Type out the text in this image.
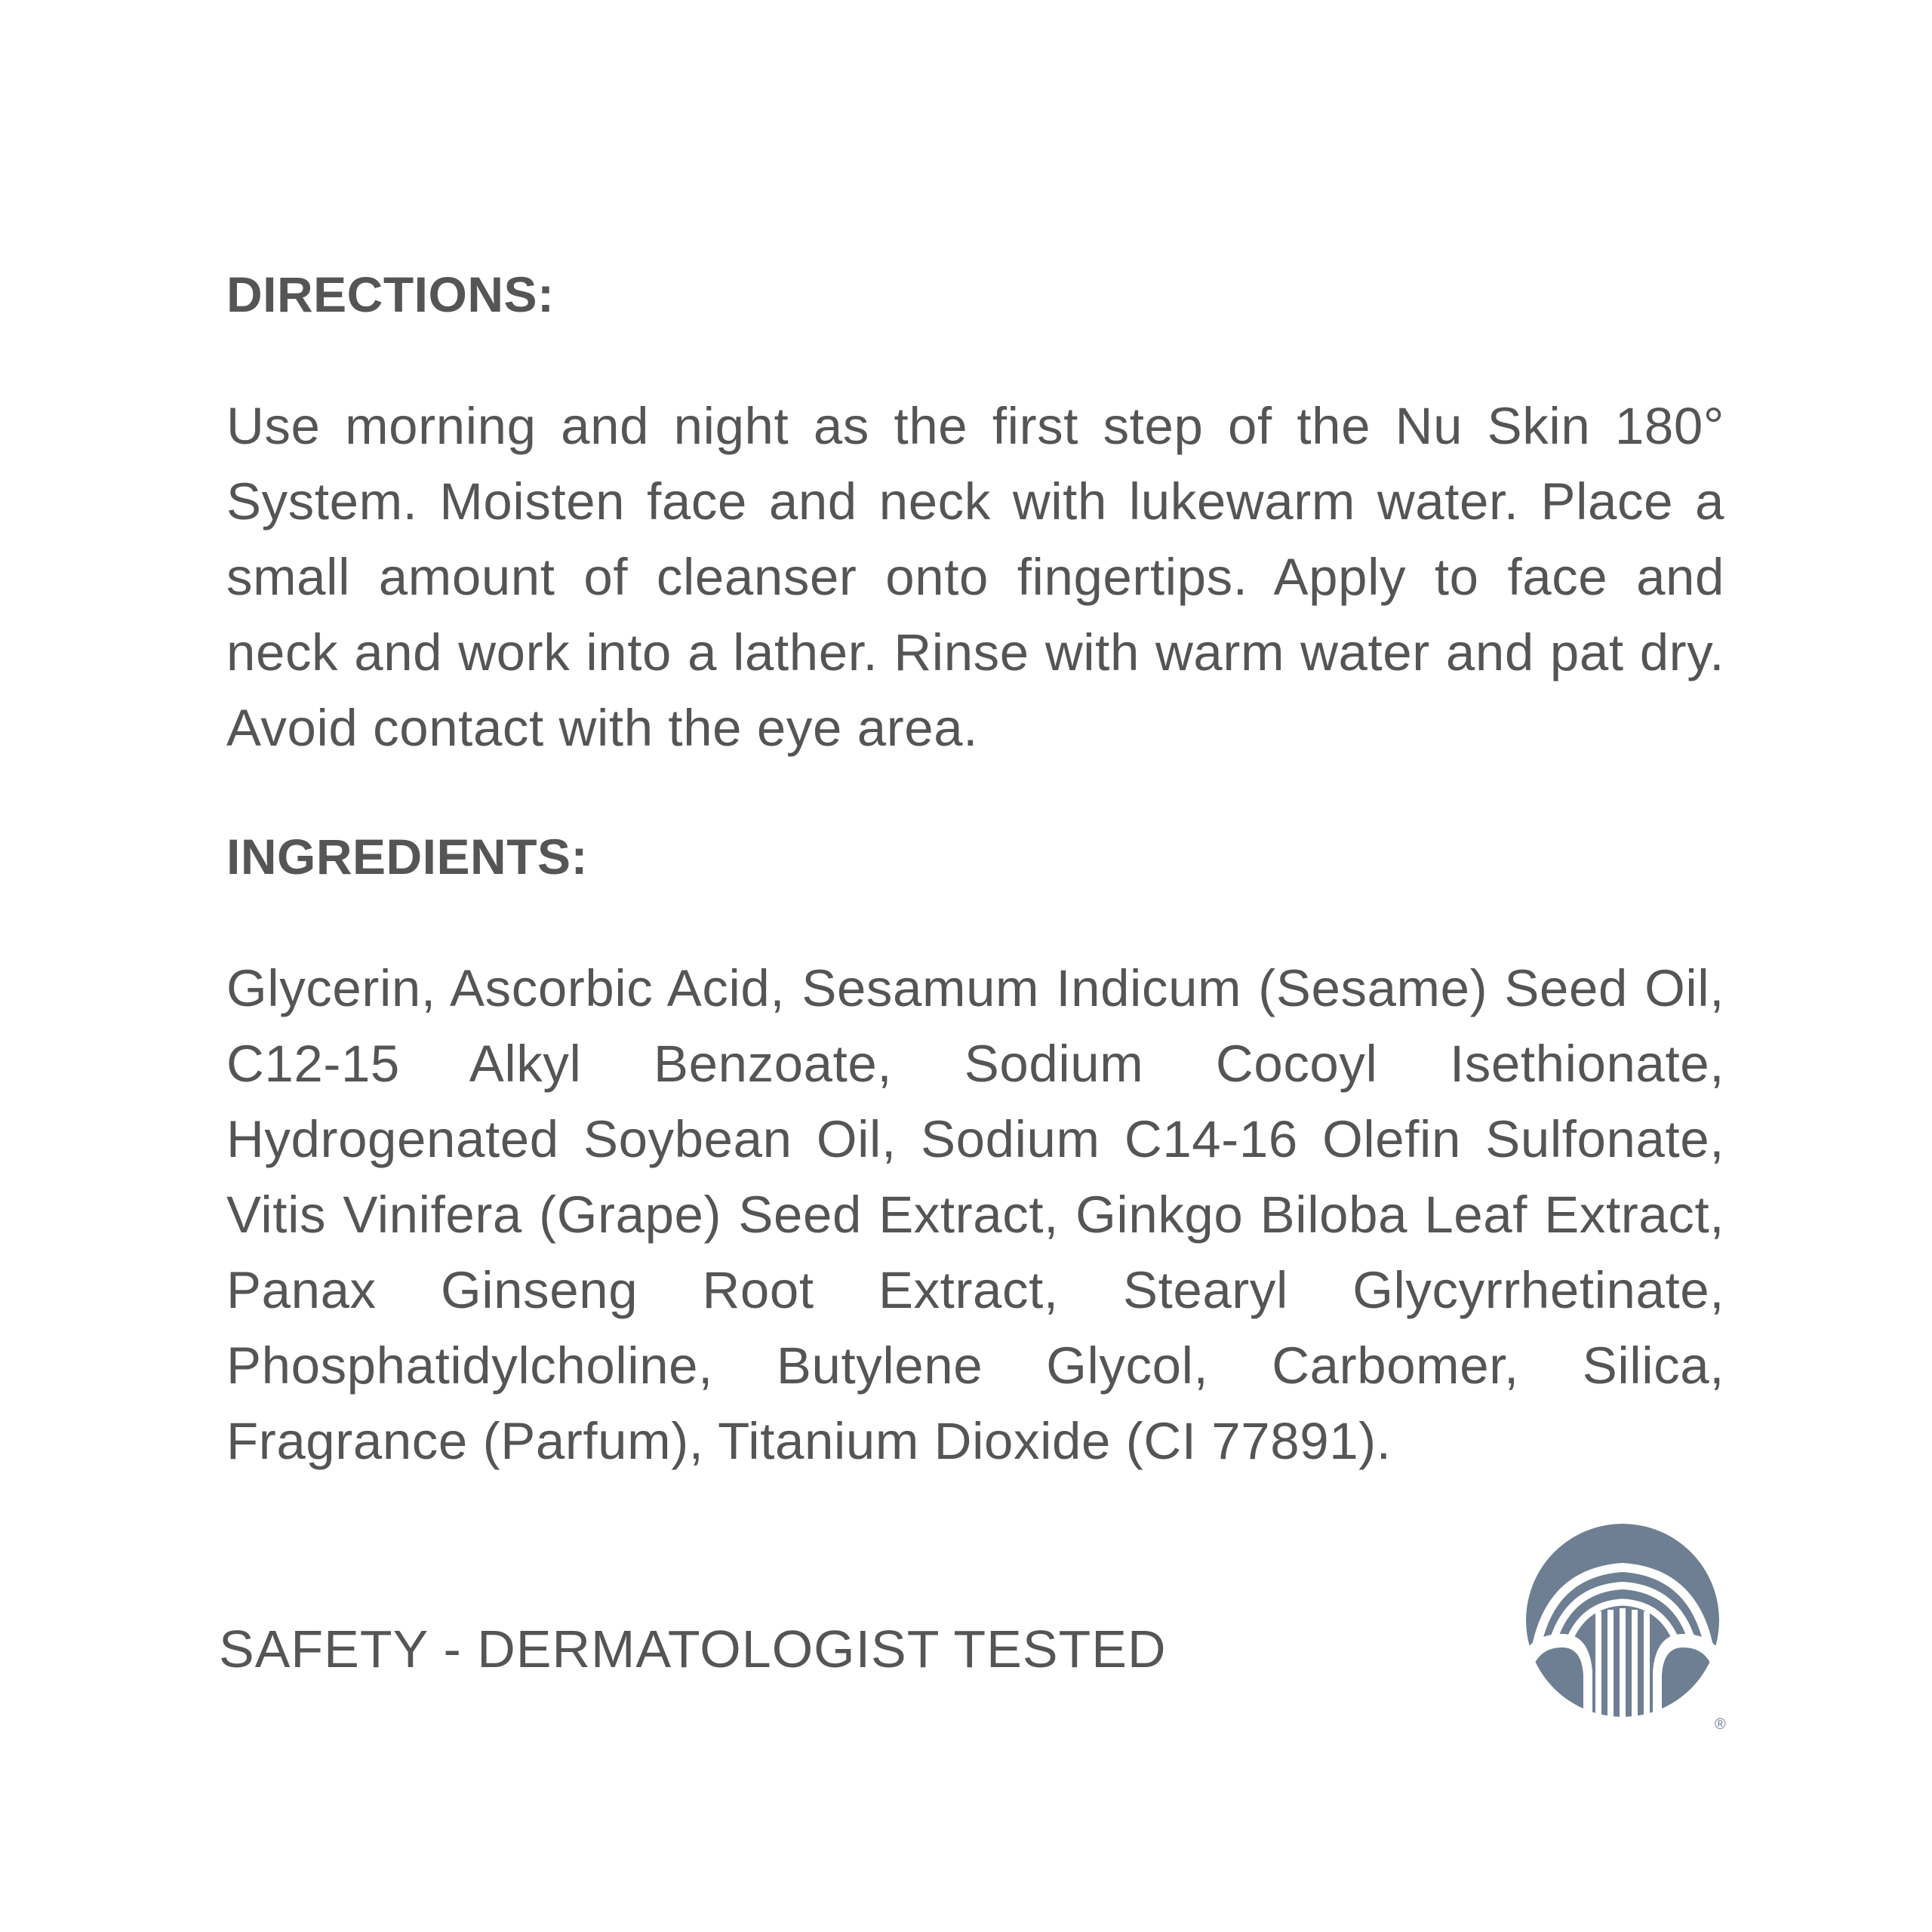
DIRECTIONS:

Use morning and night as the first step of the Nu Skin 180° System. Moisten face and neck with lukewarm water. Place a small amount of cleanser onto fingertips. Apply to face and neck and work into a lather. Rinse with warm water and pat dry. Avoid contact with the eye area.

INGREDIENTS:

Glycerin, Ascorbic Acid, Sesamum Indicum (Sesame) Seed Oil, C12-15 Alkyl Benzoate, Sodium Cocoyl Isethionate, Hydrogenated Soybean Oil, Sodium C14-16 Olefin Sulfonate, Vitis Vinifera (Grape) Seed Extract, Ginkgo Biloba Leaf Extract, Panax Ginseng Root Extract, Stearyl Glycyrrhetinate, Phosphatidylcholine, Butylene Glycol, Carbomer, Silica, Fragrance (Parfum), Titanium Dioxide (CI 77891).

SAFETY - DERMATOLOGIST TESTED

®
